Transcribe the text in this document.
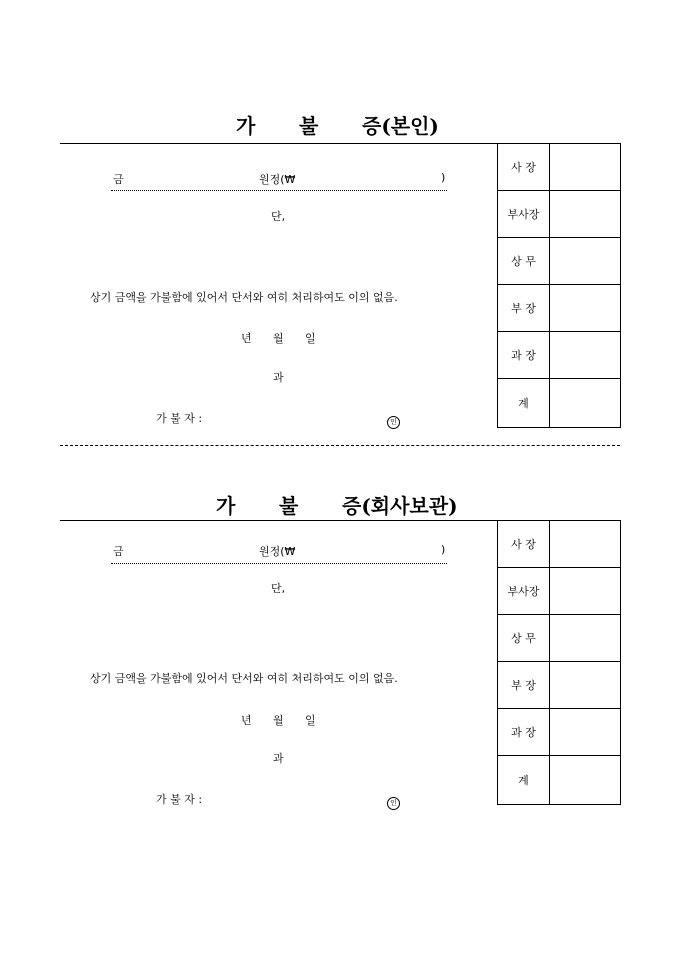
가 불 증(본인)
금	원정(₩	)
단,
상기 금액을 가불함에 있어서 단서와 여히 처리하여도 이의 없음.
년 월 일
과
가 불 자 :	인
사 장	
부사장	
상 무	
부 장	
과 장	
계	
가 불 증(회사보관)
금	원정(₩	)
단,
상기 금액을 가불함에 있어서 단서와 여히 처리하여도 이의 없음.
년 월 일
과
가 불 자 :	인
사 장	
부사장	
상 무	
부 장	
과 장	
계	
